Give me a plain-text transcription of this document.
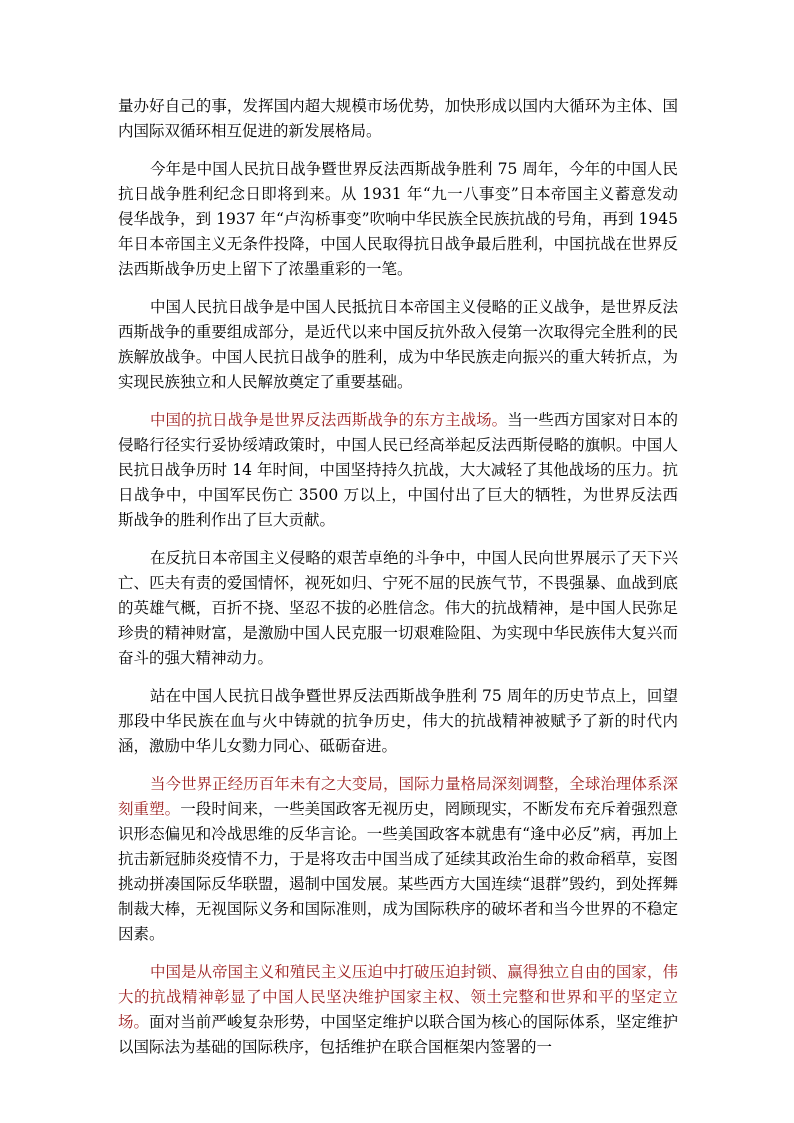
量办好自己的事，发挥国内超大规模市场优势，加快形成以国内大循环为主体、国内国际双循环相互促进的新发展格局。

今年是中国人民抗日战争暨世界反法西斯战争胜利 75 周年，今年的中国人民抗日战争胜利纪念日即将到来。从 1931 年“九一八事变”日本帝国主义蓄意发动侵华战争，到 1937 年“卢沟桥事变”吹响中华民族全民族抗战的号角，再到 1945 年日本帝国主义无条件投降，中国人民取得抗日战争最后胜利，中国抗战在世界反法西斯战争历史上留下了浓墨重彩的一笔。

中国人民抗日战争是中国人民抵抗日本帝国主义侵略的正义战争，是世界反法西斯战争的重要组成部分，是近代以来中国反抗外敌入侵第一次取得完全胜利的民族解放战争。中国人民抗日战争的胜利，成为中华民族走向振兴的重大转折点，为实现民族独立和人民解放奠定了重要基础。

中国的抗日战争是世界反法西斯战争的东方主战场。当一些西方国家对日本的侵略行径实行妥协绥靖政策时，中国人民已经高举起反法西斯侵略的旗帜。中国人民抗日战争历时 14 年时间，中国坚持持久抗战，大大减轻了其他战场的压力。抗日战争中，中国军民伤亡 3500 万以上，中国付出了巨大的牺牲，为世界反法西斯战争的胜利作出了巨大贡献。

在反抗日本帝国主义侵略的艰苦卓绝的斗争中，中国人民向世界展示了天下兴亡、匹夫有责的爱国情怀，视死如归、宁死不屈的民族气节，不畏强暴、血战到底的英雄气概，百折不挠、坚忍不拔的必胜信念。伟大的抗战精神，是中国人民弥足珍贵的精神财富，是激励中国人民克服一切艰难险阻、为实现中华民族伟大复兴而奋斗的强大精神动力。

站在中国人民抗日战争暨世界反法西斯战争胜利 75 周年的历史节点上，回望那段中华民族在血与火中铸就的抗争历史，伟大的抗战精神被赋予了新的时代内涵，激励中华儿女勠力同心、砥砺奋进。

当今世界正经历百年未有之大变局，国际力量格局深刻调整，全球治理体系深刻重塑。一段时间来，一些美国政客无视历史，罔顾现实，不断发布充斥着强烈意识形态偏见和冷战思维的反华言论。一些美国政客本就患有“逢中必反”病，再加上抗击新冠肺炎疫情不力，于是将攻击中国当成了延续其政治生命的救命稻草，妄图挑动拼凑国际反华联盟，遏制中国发展。某些西方大国连续“退群”毁约，到处挥舞制裁大棒，无视国际义务和国际准则，成为国际秩序的破坏者和当今世界的不稳定因素。

中国是从帝国主义和殖民主义压迫中打破压迫封锁、赢得独立自由的国家，伟大的抗战精神彰显了中国人民坚决维护国家主权、领土完整和世界和平的坚定立场。面对当前严峻复杂形势，中国坚定维护以联合国为核心的国际体系，坚定维护以国际法为基础的国际秩序，包括维护在联合国框架内签署的一
